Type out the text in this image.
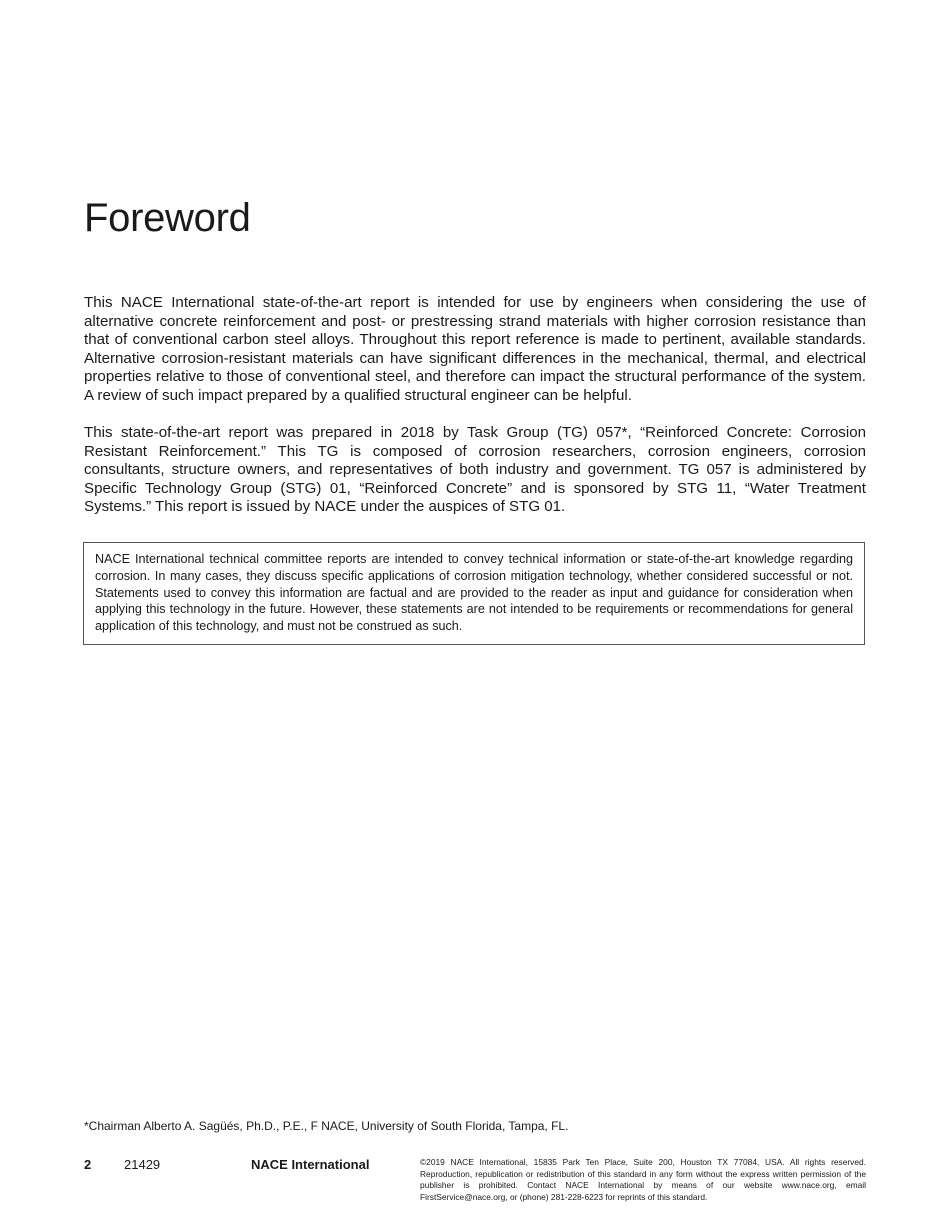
Foreword

This NACE International state-of-the-art report is intended for use by engineers when considering the use of alternative concrete reinforcement and post- or prestressing strand materials with higher corrosion resistance than that of conventional carbon steel alloys. Throughout this report reference is made to pertinent, available standards. Alternative corrosion-resistant materials can have significant differences in the mechanical, thermal, and electrical properties relative to those of conventional steel, and therefore can impact the structural performance of the system. A review of such impact prepared by a qualified structural engineer can be helpful.

This state-of-the-art report was prepared in 2018 by Task Group (TG) 057*, “Reinforced Concrete: Corrosion Resistant Reinforcement.” This TG is composed of corrosion researchers, corrosion engineers, corrosion consultants, structure owners, and representatives of both industry and government. TG 057 is administered by Specific Technology Group (STG) 01, “Reinforced Concrete” and is sponsored by STG 11, “Water Treatment Systems.” This report is issued by NACE under the auspices of STG 01.

NACE International technical committee reports are intended to convey technical information or state-of-the-art knowledge regarding corrosion. In many cases, they discuss specific applications of corrosion mitigation technology, whether considered successful or not. Statements used to convey this information are factual and are provided to the reader as input and guidance for consideration when applying this technology in the future. However, these statements are not intended to be requirements or recommendations for general application of this technology, and must not be construed as such.

*Chairman Alberto A. Sagüés, Ph.D., P.E., F NACE, University of South Florida, Tampa, FL.

2	21429	NACE International	©2019 NACE International, 15835 Park Ten Place, Suite 200, Houston TX 77084, USA. All rights reserved. Reproduction, republication or redistribution of this standard in any form without the express written permission of the publisher is prohibited. Contact NACE International by means of our website www.nace.org, email FirstService@nace.org, or (phone) 281-228-6223 for reprints of this standard.
